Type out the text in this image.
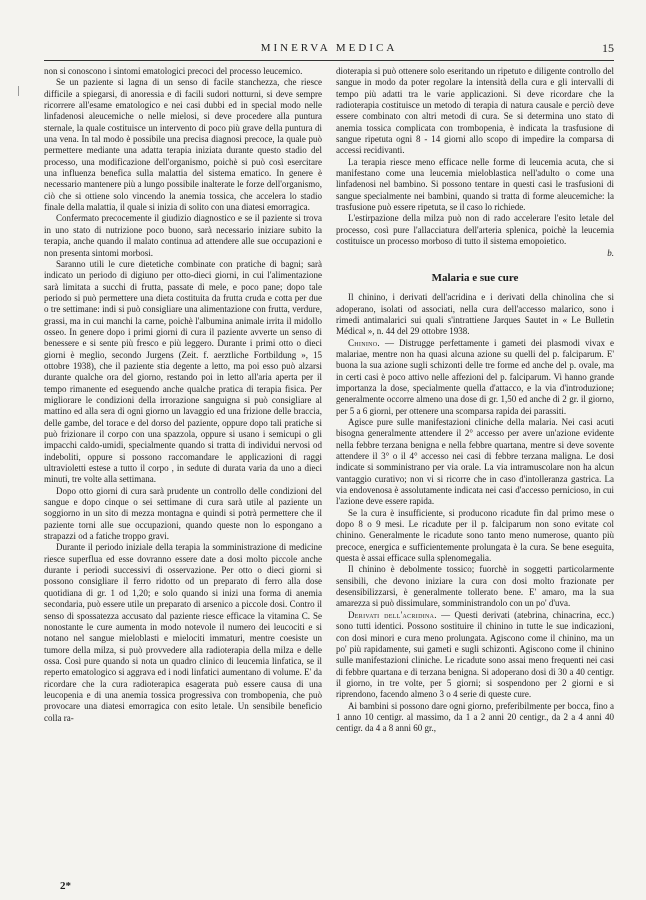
MINERVA MEDICA	15

non si conoscono i sintomi ematologici precoci del processo leucemico.

Se un paziente si lagna di un senso di facile stanchezza, che riesce difficile a spiegarsi, di anoressia e di facili sudori notturni, si deve sempre ricorrere all'esame ematologico e nei casi dubbi ed in special modo nelle linfadenosi aleucemiche o nelle mielosi, si deve procedere alla puntura sternale, la quale costituisce un intervento di poco più grave della puntura di una vena. In tal modo è possibile una precisa diagnosi precoce, la quale può permettere mediante una adatta terapia iniziata durante questo stadio del processo, una modificazione dell'organismo, poichè si può così esercitare una influenza benefica sulla malattia del sistema ematico. In genere è necessario mantenere più a lungo possibile inalterate le forze dell'organismo, ciò che si ottiene solo vincendo la anemia tossica, che accelera lo stadio finale della malattia, il quale si inizia di solito con una diatesi emorragica.

Confermato precocemente il giudizio diagnostico e se il paziente si trova in uno stato di nutrizione poco buono, sarà necessario iniziare subito la terapia, anche quando il malato continua ad attendere alle sue occupazioni e non presenta sintomi morbosi.

Saranno utili le cure dietetiche combinate con pratiche di bagni; sarà indicato un periodo di digiuno per otto-dieci giorni, in cui l'alimentazione sarà limitata a succhi di frutta, passate di mele, e poco pane; dopo tale periodo si può permettere una dieta costituita da frutta cruda e cotta per due o tre settimane: indi si può consigliare una alimentazione con frutta, verdure, grassi, ma in cui manchi la carne, poichè l'albumina animale irrita il midollo osseo. In genere dopo i primi giorni di cura il paziente avverte un senso di benessere e si sente più fresco e più leggero. Durante i primi otto o dieci giorni è meglio, secondo Jurgens (Zeit. f. aerztliche Fortbildung », 15 ottobre 1938), che il paziente stia degente a letto, ma poi esso può alzarsi durante qualche ora del giorno, restando poi in letto all'aria aperta per il tempo rimanente ed eseguendo anche qualche pratica di terapia fisica. Per migliorare le condizioni della irrorazione sanguigna si può consigliare al mattino ed alla sera di ogni giorno un lavaggio ed una frizione delle braccia, delle gambe, del torace e del dorso del paziente, oppure dopo tali pratiche si può frizionare il corpo con una spazzola, oppure si usano i semicupi o gli impacchi caldo-umidi, specialmente quando si tratta di individui nervosi od indeboliti, oppure si possono raccomandare le applicazioni di raggi ultravioletti estese a tutto il corpo , in sedute di durata varia da uno a dieci minuti, tre volte alla settimana.

Dopo otto giorni di cura sarà prudente un controllo delle condizioni del sangue e dopo cinque o sei settimane di cura sarà utile al paziente un soggiorno in un sito di mezza montagna e quindi si potrà permettere che il paziente torni alle sue occupazioni, quando queste non lo espongano a strapazzi od a fatiche troppo gravi.

Durante il periodo iniziale della terapia la somministrazione di medicine riesce superflua ed esse dovranno essere date a dosi molto piccole anche durante i periodi successivi di osservazione. Per otto o dieci giorni si possono consigliare il ferro ridotto od un preparato di ferro alla dose quotidiana di gr. 1 od 1,20; e solo quando si inizi una forma di anemia secondaria, può essere utile un preparato di arsenico a piccole dosi. Contro il senso di spossatezza accusato dal paziente riesce efficace la vitamina C. Se nonostante le cure aumenta in modo notevole il numero dei leucociti e si notano nel sangue mieloblasti e mielociti immaturi, mentre coesiste un tumore della milza, si può provvedere alla radioterapia della milza e delle ossa. Così pure quando si nota un quadro clinico di leucemia linfatica, se il reperto ematologico si aggrava ed i nodi linfatici aumentano di volume. E' da ricordare che la cura radioterapica esagerata può essere causa di una leucopenia e di una anemia tossica progressiva con trombopenia, che può provocare una diatesi emorragica con esito letale. Un sensibile beneficio colla ra-

dioterapia si può ottenere solo eseritando un ripetuto e diligente controllo del sangue in modo da poter regolare la intensità della cura e gli intervalli di tempo più adatti tra le varie applicazioni. Si deve ricordare che la radioterapia costituisce un metodo di terapia di natura causale e perciò deve essere combinato con altri metodi di cura. Se si determina uno stato di anemia tossica complicata con trombopenia, è indicata la trasfusione di sangue ripetuta ogni 8 - 14 giorni allo scopo di impedire la comparsa di accessi recidivanti.

La terapia riesce meno efficace nelle forme di leucemia acuta, che si manifestano come una leucemia mieloblastica nell'adulto o come una linfadenosi nel bambino. Si possono tentare in questi casi le trasfusioni di sangue specialmente nei bambini, quando si tratta di forme aleucemiche: la trasfusione può essere ripetuta, se il caso lo richiede.

L'estirpazione della milza può non di rado accelerare l'esito letale del processo, così pure l'allacciatura dell'arteria splenica, poichè la leucemia costituisce un processo morboso di tutto il sistema emopoietico.

b.
Malaria e sue cure

Il chinino, i derivati dell'acridina e i derivati della chinolina che si adoperano, isolati od associati, nella cura dell'accesso malarico, sono i rimedi antimalarici sui quali s'intrattiene Jarques Sautet in « Le Bulletin Médical », n. 44 del 29 ottobre 1938.

Chinino. — Distrugge perfettamente i gameti dei plasmodi vivax e malariae, mentre non ha quasi alcuna azione su quelli del p. falciparum. E' buona la sua azione sugli schizonti delle tre forme ed anche del p. ovale, ma in certi casi è poco attivo nelle affezioni del p. falciparum. Vi hanno grande importanza la dose, specialmente quella d'attacco, e la via d'introduzione; generalmente occorre almeno una dose di gr. 1,50 ed anche di 2 gr. il giorno, per 5 a 6 giorni, per ottenere una scomparsa rapida dei parassiti.

Agisce pure sulle manifestazioni cliniche della malaria. Nei casi acuti bisogna generalmente attendere il 2° accesso per avere un'azione evidente nella febbre terzana benigna e nella febbre quartana, mentre si deve sovente attendere il 3° o il 4° accesso nei casi di febbre terzana maligna. Le dosi indicate si somministrano per via orale. La via intramuscolare non ha alcun vantaggio curativo; non vi si ricorre che in caso d'intolleranza gastrica. La via endovenosa è assolutamente indicata nei casi d'accesso pernicioso, in cui l'azione deve essere rapida.

Se la cura è insufficiente, si producono ricadute fin dal primo mese o dopo 8 o 9 mesi. Le ricadute per il p. falciparum non sono evitate col chinino. Generalmente le ricadute sono tanto meno numerose, quanto più precoce, energica e sufficientemente prolungata è la cura. Se bene eseguita, questa è assai efficace sulla splenomegalia.

Il chinino è debolmente tossico; fuorchè in soggetti particolarmente sensibili, che devono iniziare la cura con dosi molto frazionate per desensibilizzarsi, è generalmente tollerato bene. E' amaro, ma la sua amarezza si può dissimulare, somministrandolo con un po' d'uva.

Derivati dell'acridina. — Questi derivati (atebrina, chinacrina, ecc.) sono tutti identici. Possono sostituire il chinino in tutte le sue indicazioni, con dosi minori e cura meno prolungata. Agiscono come il chinino, ma un po' più rapidamente, sui gameti e sugli schizonti. Agiscono come il chinino sulle manifestazioni cliniche. Le ricadute sono assai meno frequenti nei casi di febbre quartana e di terzana benigna. Si adoperano dosi di 30 a 40 centigr. il giorno, in tre volte, per 5 giorni; si sospendono per 2 giorni e si riprendono, facendo almeno 3 o 4 serie di queste cure.

Ai bambini si possono dare ogni giorno, preferibilmente per bocca, fino a 1 anno 10 centigr. al massimo, da 1 a 2 anni 20 centigr., da 2 a 4 anni 40 centigr. da 4 a 8 anni 60 gr.,

2*
